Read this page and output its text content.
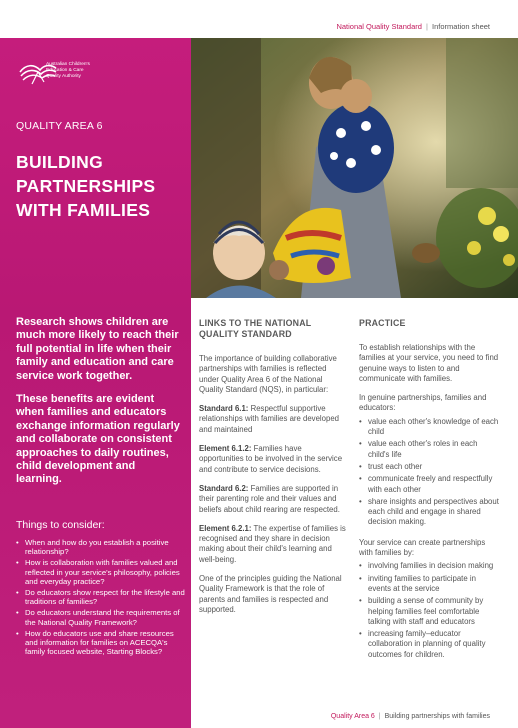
National Quality Standard | Information sheet
Australian Children's
Education & Care
Quality Authority
QUALITY AREA 6
BUILDING
PARTNERSHIPS
WITH FAMILIES

Research shows children are much more likely to reach their full potential in life when their family and education and care service work together.

These benefits are evident when families and educators exchange information regularly and collaborate on consistent approaches to daily routines, child development and learning.

Things to consider:
• When and how do you establish a positive relationship?
• How is collaboration with families valued and reflected in your service's philosophy, policies and everyday practice?
• Do educators show respect for the lifestyle and traditions of families?
• Do educators understand the requirements of the National Quality Framework?
• How do educators use and share resources and information for families on ACECQA's family focused website, Starting Blocks?
LINKS TO THE NATIONAL QUALITY STANDARD

The importance of building collaborative partnerships with families is reflected under Quality Area 6 of the National Quality Standard (NQS), in particular:

Standard 6.1: Respectful supportive relationships with families are developed and maintained

Element 6.1.2: Families have opportunities to be involved in the service and contribute to service decisions.

Standard 6.2: Families are supported in their parenting role and their values and beliefs about child rearing are respected.

Element 6.2.1: The expertise of families is recognised and they share in decision making about their child's learning and well-being.

One of the principles guiding the National Quality Framework is that the role of parents and families is respected and supported.

PRACTICE

To establish relationships with the families at your service, you need to find genuine ways to listen to and communicate with families.

In genuine partnerships, families and educators:

• value each other's knowledge of each child
• value each other's roles in each child's life
• trust each other
• communicate freely and respectfully with each other
• share insights and perspectives about each child and engage in shared decision making.

Your service can create partnerships with families by:

• involving families in decision making
• inviting families to participate in events at the service
• building a sense of community by helping families feel comfortable talking with staff and educators
• increasing family–educator collaboration in planning of quality outcomes for children.
Quality Area 6 | Building partnerships with families
